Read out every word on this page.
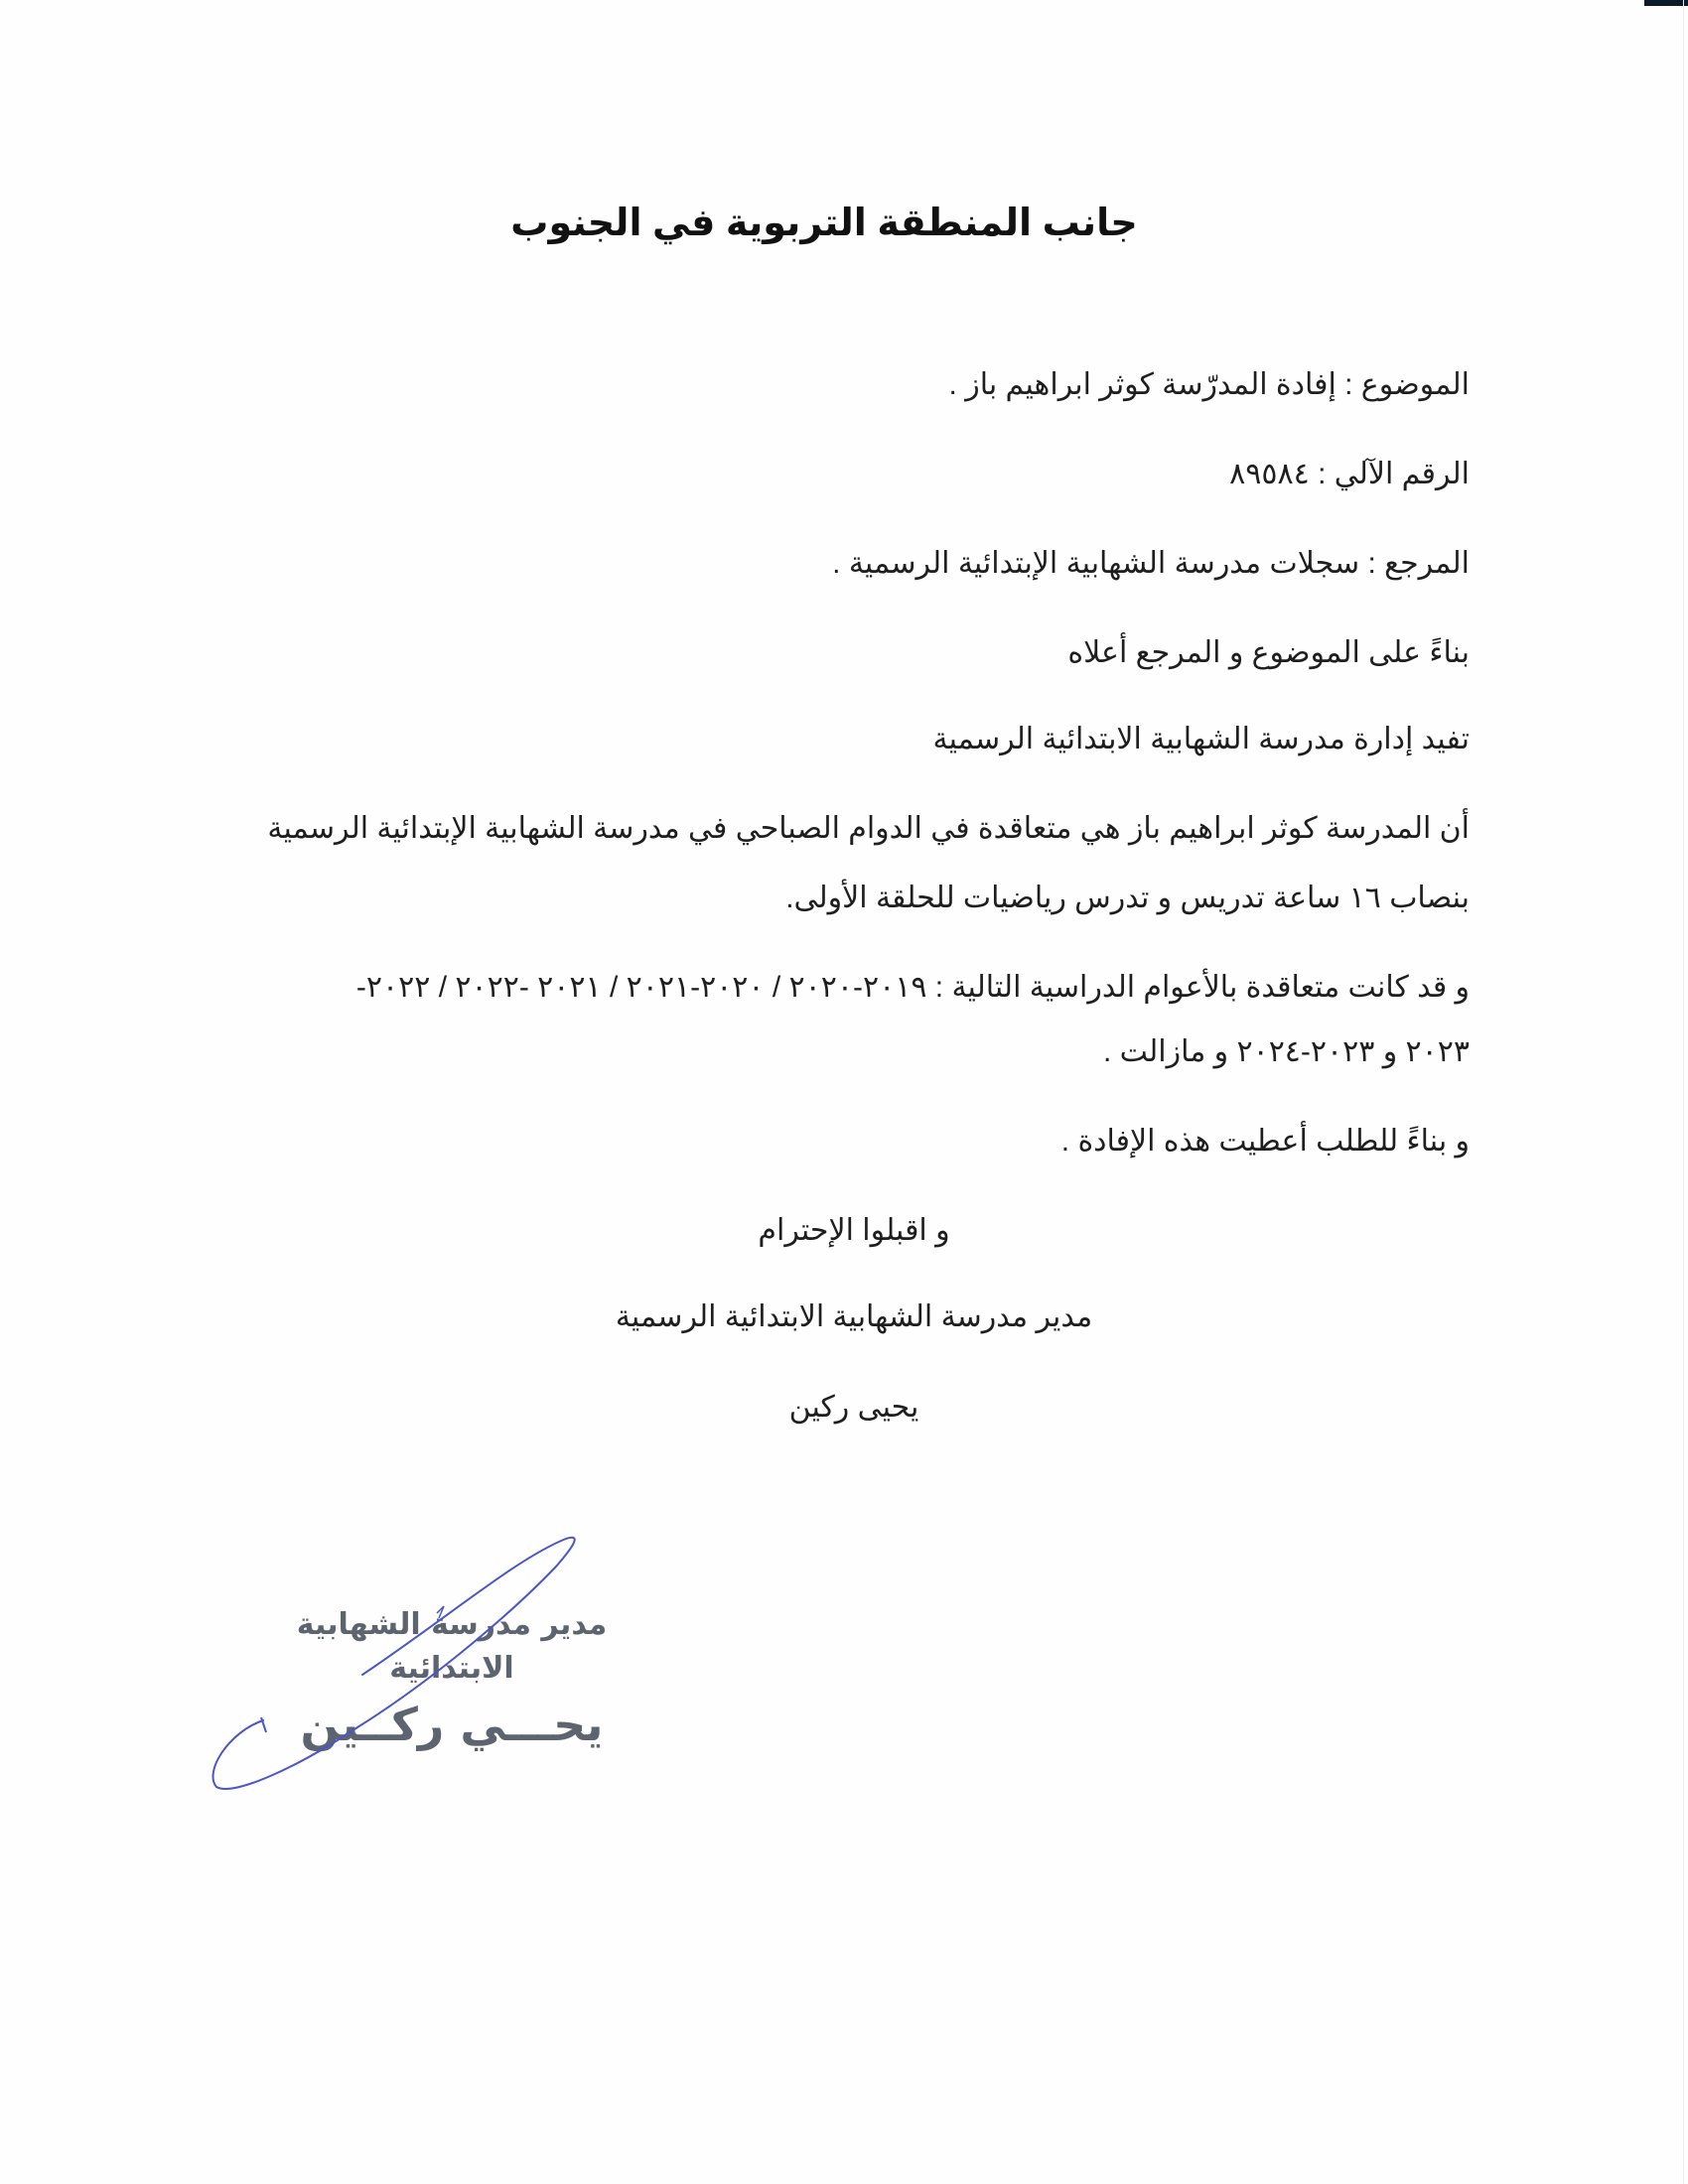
جانب المنطقة التربوية في الجنوب
الموضوع : إفادة المدرّسة كوثر ابراهيم باز .
الرقم الآلي : ٨٩٥٨٤
المرجع : سجلات مدرسة الشهابية الإبتدائية الرسمية .
بناءً على الموضوع و المرجع أعلاه
تفيد إدارة مدرسة الشهابية الابتدائية الرسمية
أن المدرسة كوثر ابراهيم باز هي متعاقدة في الدوام الصباحي في مدرسة الشهابية الإبتدائية الرسمية
بنصاب ١٦ ساعة تدريس و تدرس رياضيات للحلقة الأولى.
و قد كانت متعاقدة بالأعوام الدراسية التالية : ٢٠١٩-٢٠٢٠ / ٢٠٢٠-٢٠٢١ / ٢٠٢١ -٢٠٢٢ / ٢٠٢٢-
٢٠٢٣ و ٢٠٢٣-٢٠٢٤ و مازالت .
و بناءً للطلب أعطيت هذه الإفادة .
و اقبلوا الإحترام
مدير مدرسة الشهابية الابتدائية الرسمية
يحيى ركين
مدير مدرسة الشهابية الابتدائية
يحـــي ركــين
